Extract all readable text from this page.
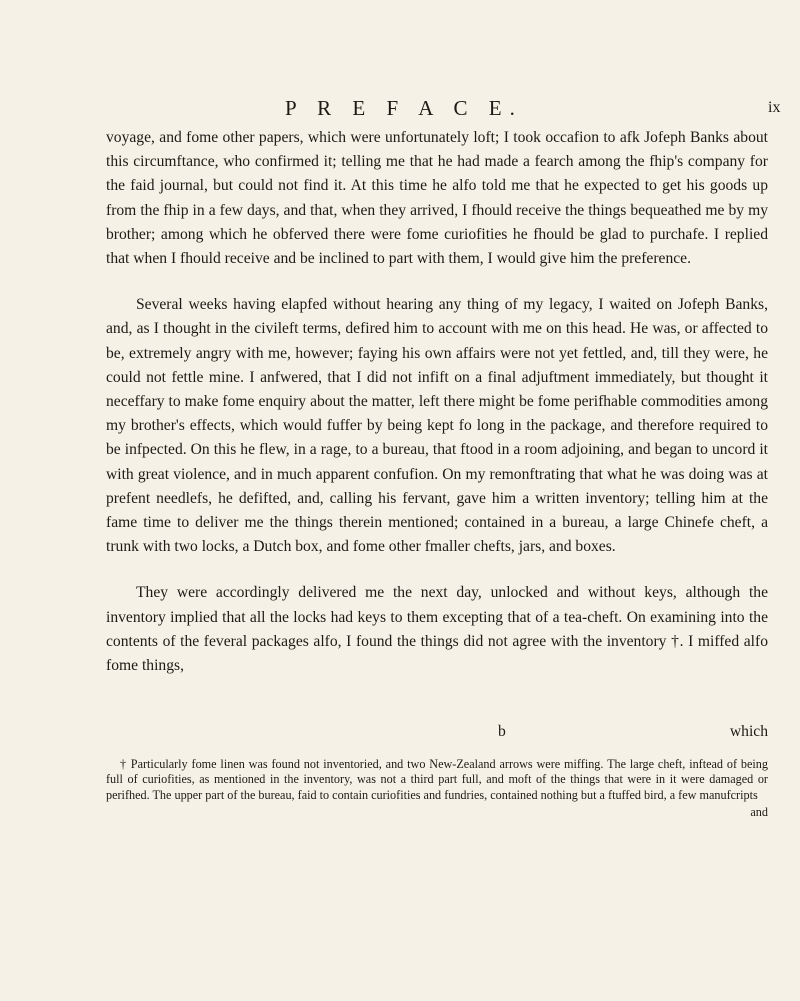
P R E F A C E.	ix

voyage, and fome other papers, which were unfortunately loft; I took occafion to afk Jofeph Banks about this circumftance, who confirmed it; telling me that he had made a fearch among the fhip's company for the faid journal, but could not find it. At this time he alfo told me that he expected to get his goods up from the fhip in a few days, and that, when they arrived, I fhould receive the things bequeathed me by my brother; among which he obferved there were fome curiofities he fhould be glad to purchafe. I replied that when I fhould receive and be inclined to part with them, I would give him the preference.

Several weeks having elapfed without hearing any thing of my legacy, I waited on Jofeph Banks, and, as I thought in the civileft terms, defired him to account with me on this head. He was, or affected to be, extremely angry with me, however; faying his own affairs were not yet fettled, and, till they were, he could not fettle mine. I anfwered, that I did not infift on a final adjuftment immediately, but thought it neceffary to make fome enquiry about the matter, left there might be fome perifhable commodities among my brother's effects, which would fuffer by being kept fo long in the package, and therefore required to be infpected. On this he flew, in a rage, to a bureau, that ftood in a room adjoining, and began to uncord it with great violence, and in much apparent confufion. On my remonftrating that what he was doing was at prefent needlefs, he defifted, and, calling his fervant, gave him a written inventory; telling him at the fame time to deliver me the things therein mentioned; contained in a bureau, a large Chinefe cheft, a trunk with two locks, a Dutch box, and fome other fmaller chefts, jars, and boxes.

They were accordingly delivered me the next day, unlocked and without keys, although the inventory implied that all the locks had keys to them excepting that of a tea-cheft. On examining into the contents of the feveral packages alfo, I found the things did not agree with the inventory †. I miffed alfo fome things,

b	which
† Particularly fome linen was found not inventoried, and two New-Zealand arrows were miffing. The large cheft, inftead of being full of curiofities, as mentioned in the inventory, was not a third part full, and moft of the things that were in it were damaged or perifhed. The upper part of the bureau, faid to contain curiofities and fundries, contained nothing but a ftuffed bird, a few manufcripts
and
